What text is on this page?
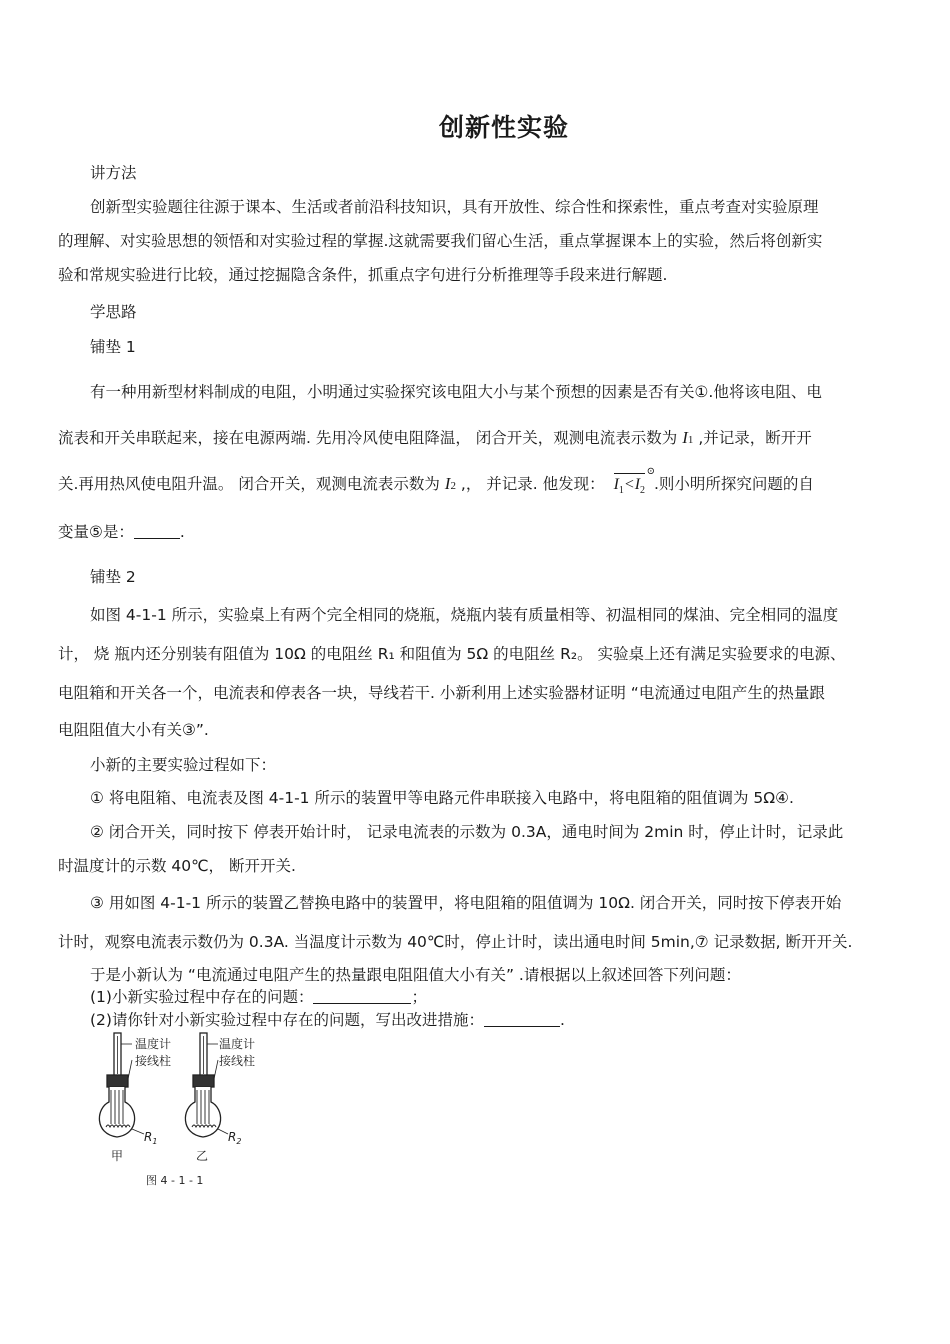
创新性实验
讲方法
创新型实验题往往源于课本、生活或者前沿科技知识，具有开放性、综合性和探索性，重点考查对实验原理
的理解、对实验思想的领悟和对实验过程的掌握.这就需要我们留心生活，重点掌握课本上的实验，然后将创新实
验和常规实验进行比较，通过挖掘隐含条件，抓重点字句进行分析推理等手段来进行解题.
学思路
铺垫 1
有一种用新型材料制成的电阻，小明通过实验探究该电阻大小与某个预想的因素是否有关①.他将该电阻、电
流表和开关串联起来，接在电源两端. 先用冷风使电阻降温， 闭合开关，观测电流表示数为 I1 ,并记录，断开开
关.再用热风使电阻升温。 闭合开关，观测电流表示数为 I2 ,， 并记录. 他发现： $I_1<I_2$
⊙
.则小明所探究问题的自
变量⑤是：	.
铺垫 2
如图 4-1-1 所示，实验桌上有两个完全相同的烧瓶，烧瓶内装有质量相等、初温相同的煤油、完全相同的温度
计， 烧 瓶内还分别装有阻值为 10Ω 的电阻丝 R₁ 和阻值为 5Ω 的电阻丝 R₂。 实验桌上还有满足实验要求的电源、
电阻箱和开关各一个，电流表和停表各一块，导线若干. 小新利用上述实验器材证明 “电流通过电阻产生的热量跟
电阻阻值大小有关③”.
小新的主要实验过程如下：
① 将电阻箱、电流表及图 4-1-1 所示的装置甲等电路元件串联接入电路中，将电阻箱的阻值调为 5Ω④.
② 闭合开关，同时按下 停表开始计时， 记录电流表的示数为 0.3A，通电时间为 2min 时，停止计时，记录此
时温度计的示数 40℃， 断开开关.
③ 用如图 4-1-1 所示的装置乙替换电路中的装置甲，将电阻箱的阻值调为 10Ω. 闭合开关，同时按下停表开始
计时，观察电流表示数仍为 0.3A. 当温度计示数为 40℃时，停止计时，读出通电时间 5min,⑦ 记录数据, 断开开关.
于是小新认为 “电流通过电阻产生的热量跟电阻阻值大小有关” .请根据以上叙述回答下列问题：
(1)小新实验过程中存在的问题：	；
(2)请你针对小新实验过程中存在的问题，写出改进措施：	.
温度计
接线柱
$R_1$
甲
温度计
接线柱
$R_2$
乙
图 4 - 1 - 1
